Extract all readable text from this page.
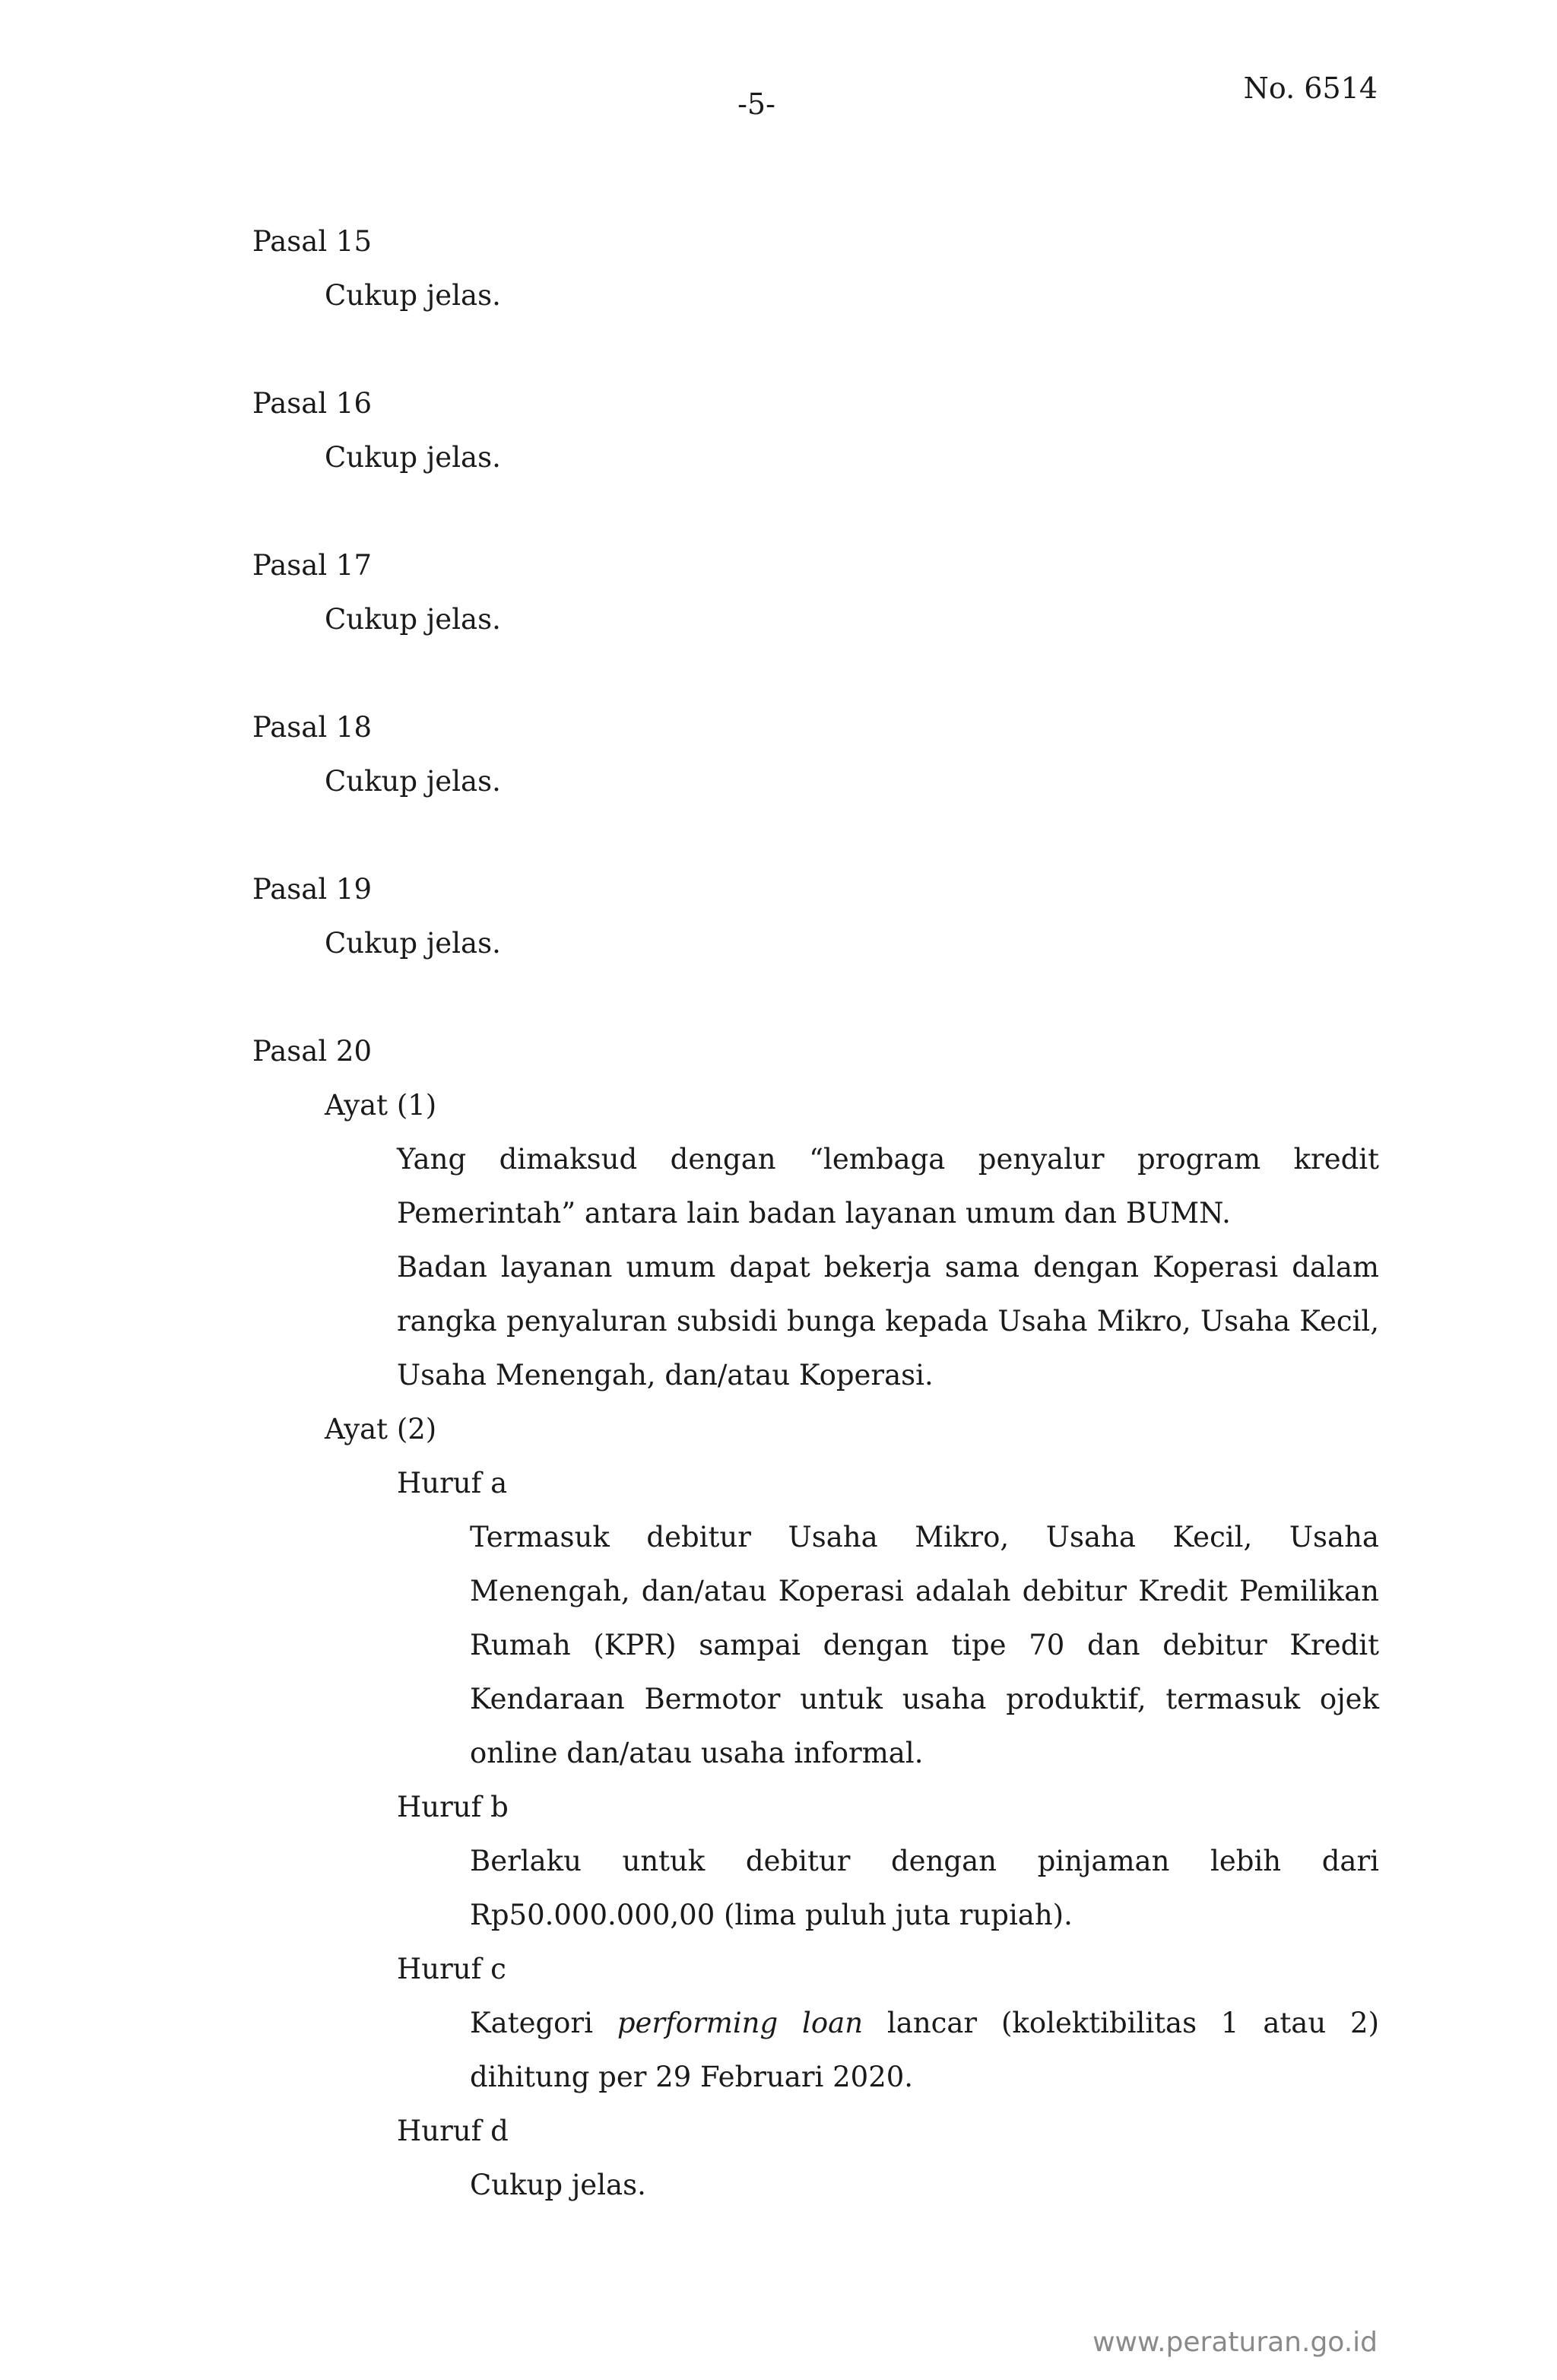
-5-	No. 6514
Pasal 15
Cukup jelas.
Pasal 16
Cukup jelas.
Pasal 17
Cukup jelas.
Pasal 18
Cukup jelas.
Pasal 19
Cukup jelas.
Pasal 20
Ayat (1)
Yang dimaksud dengan “lembaga penyalur program kredit Pemerintah” antara lain badan layanan umum dan BUMN.
Badan layanan umum dapat bekerja sama dengan Koperasi dalam rangka penyaluran subsidi bunga kepada Usaha Mikro, Usaha Kecil, Usaha Menengah, dan/atau Koperasi.
Ayat (2)
Huruf a
Termasuk debitur Usaha Mikro, Usaha Kecil, Usaha Menengah, dan/atau Koperasi adalah debitur Kredit Pemilikan Rumah (KPR) sampai dengan tipe 70 dan debitur Kredit Kendaraan Bermotor untuk usaha produktif, termasuk ojek online dan/atau usaha informal.
Huruf b
Berlaku untuk debitur dengan pinjaman lebih dari Rp50.000.000,00 (lima puluh juta rupiah).
Huruf c
Kategori performing loan lancar (kolektibilitas 1 atau 2) dihitung per 29 Februari 2020.
Huruf d
Cukup jelas.
www.peraturan.go.id
